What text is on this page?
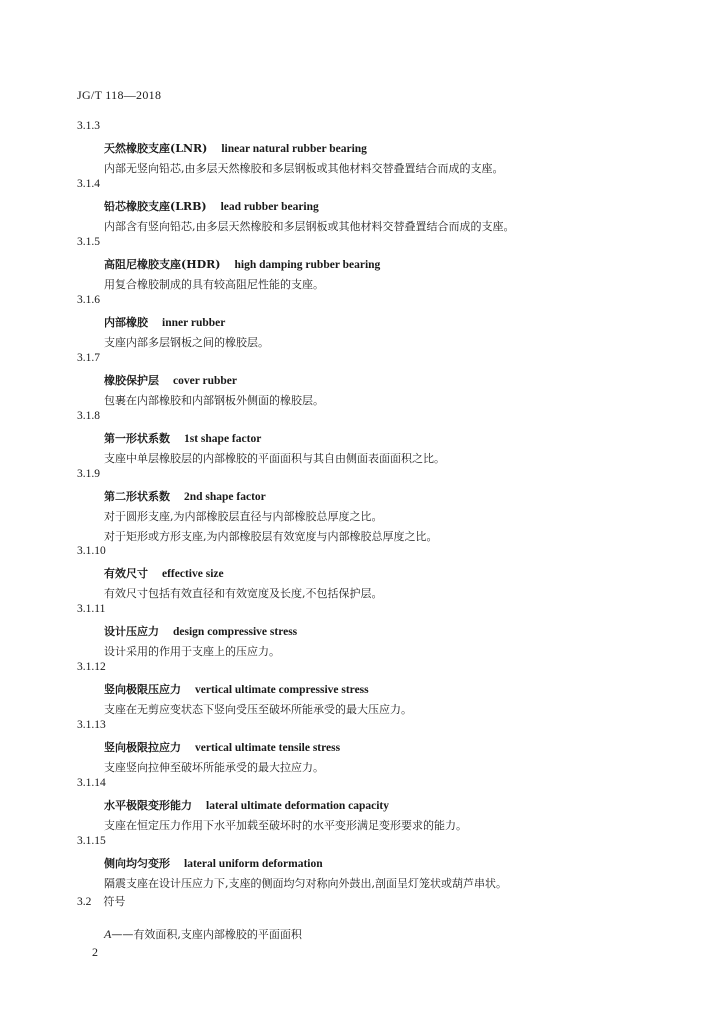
JG/T 118—2018
3.1.3
天然橡胶支座(LNR) linear natural rubber bearing
内部无竖向铅芯,由多层天然橡胶和多层钢板或其他材料交替叠置结合而成的支座。
3.1.4
铅芯橡胶支座(LRB) lead rubber bearing
内部含有竖向铅芯,由多层天然橡胶和多层钢板或其他材料交替叠置结合而成的支座。
3.1.5
高阻尼橡胶支座(HDR) high damping rubber bearing
用复合橡胶制成的具有较高阻尼性能的支座。
3.1.6
内部橡胶 inner rubber
支座内部多层钢板之间的橡胶层。
3.1.7
橡胶保护层 cover rubber
包裹在内部橡胶和内部钢板外侧面的橡胶层。
3.1.8
第一形状系数 1st shape factor
支座中单层橡胶层的内部橡胶的平面面积与其自由侧面表面面积之比。
3.1.9
第二形状系数 2nd shape factor
对于圆形支座,为内部橡胶层直径与内部橡胶总厚度之比。
对于矩形或方形支座,为内部橡胶层有效宽度与内部橡胶总厚度之比。
3.1.10
有效尺寸 effective size
有效尺寸包括有效直径和有效宽度及长度,不包括保护层。
3.1.11
设计压应力 design compressive stress
设计采用的作用于支座上的压应力。
3.1.12
竖向极限压应力 vertical ultimate compressive stress
支座在无剪应变状态下竖向受压至破坏所能承受的最大压应力。
3.1.13
竖向极限拉应力 vertical ultimate tensile stress
支座竖向拉伸至破坏所能承受的最大拉应力。
3.1.14
水平极限变形能力 lateral ultimate deformation capacity
支座在恒定压力作用下水平加载至破坏时的水平变形满足变形要求的能力。
3.1.15
侧向均匀变形 lateral uniform deformation
隔震支座在设计压应力下,支座的侧面均匀对称向外鼓出,剖面呈灯笼状或葫芦串状。
3.2 符号
A——有效面积,支座内部橡胶的平面面积
2
